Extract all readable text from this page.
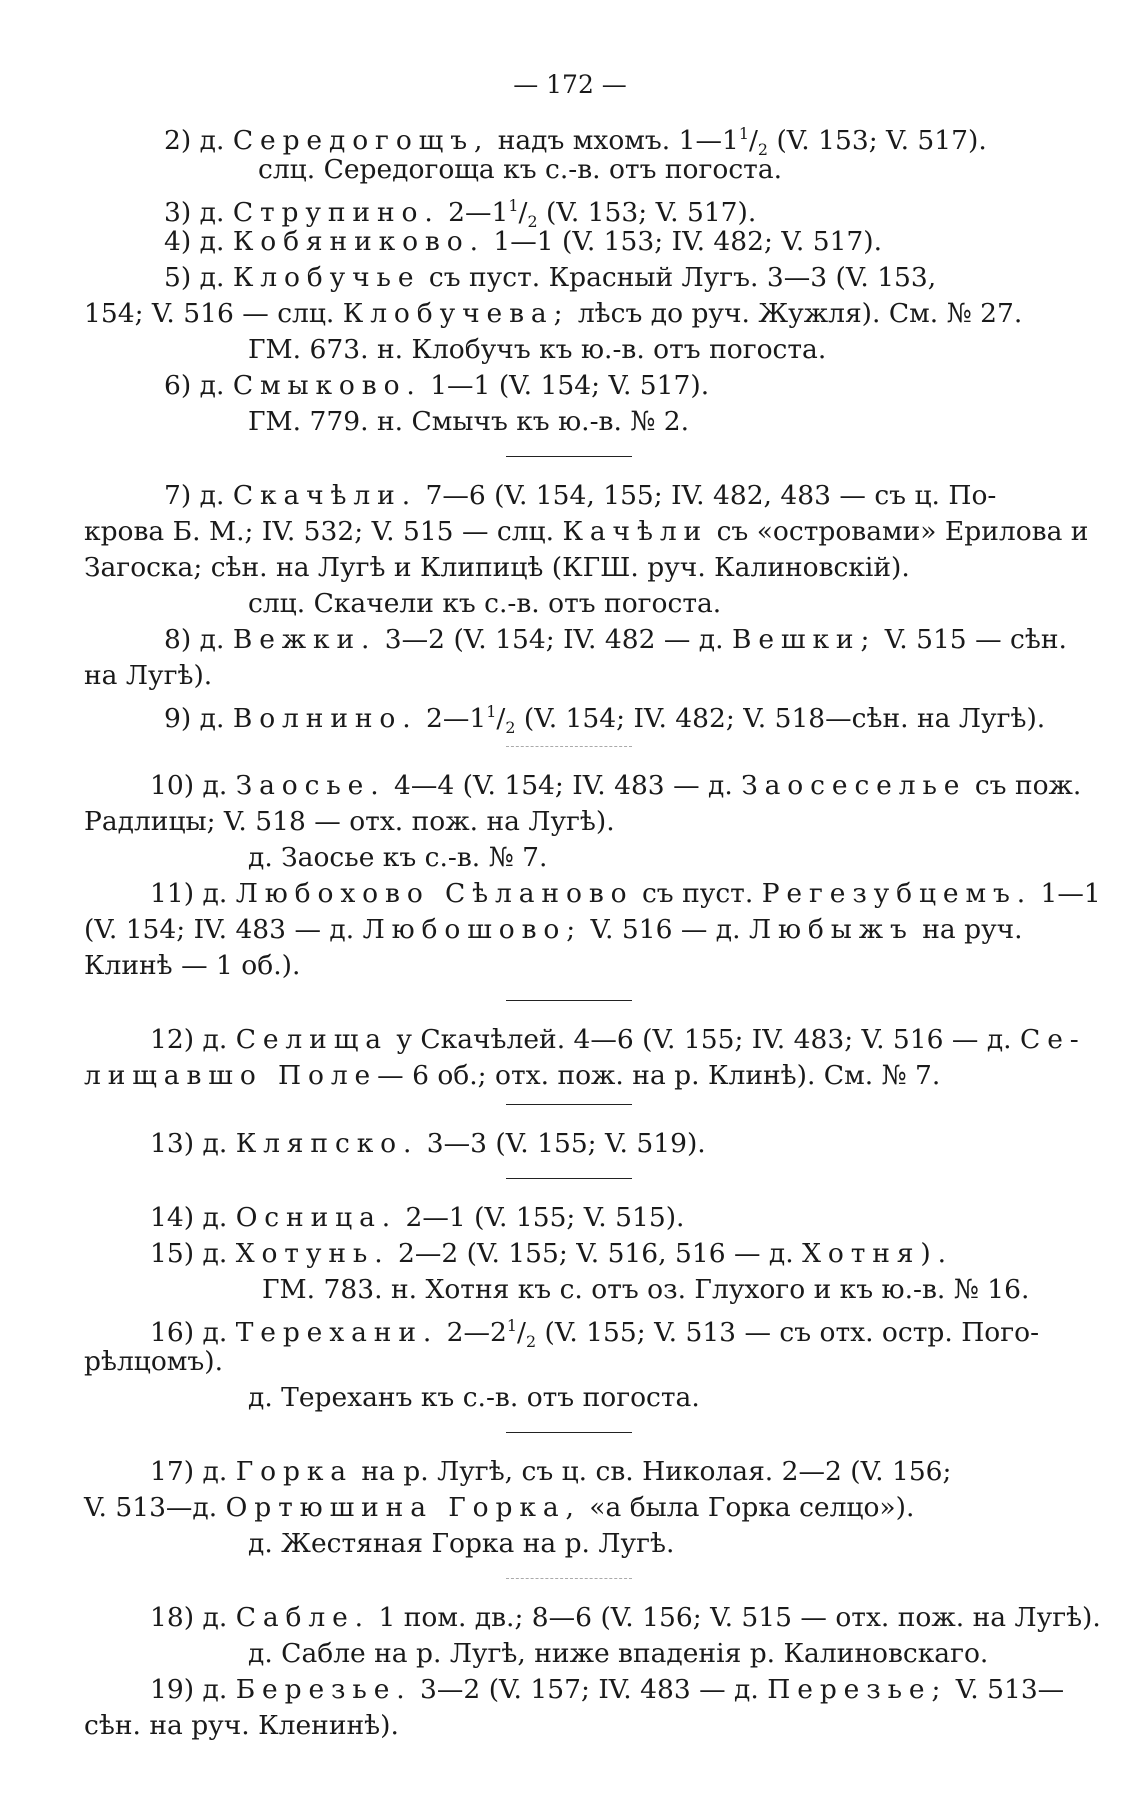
— 172 —
2) д. Середогощъ, надъ мхомъ. $1—1^1/_2$ (V. 153; V. 517).
слц. Середогоща къ с.-в. отъ погоста.
3) д. Струпино. $2—1^1/_2$ (V. 153; V. 517).
4) д. Кобяниково. 1—1 (V. 153; IV. 482; V. 517).
5) д. Клобучье съ пуст. Красный Лугъ. 3—3 (V. 153,
154; V. 516 — слц. Клобучева; лѣсъ до руч. Жужля). См. № 27.
ГМ. 673. н. Клобучъ къ ю.-в. отъ погоста.
6) д. Смыково. 1—1 (V. 154; V. 517).
ГМ. 779. н. Смычъ къ ю.-в. № 2.
7) д. Скачѣли. 7—6 (V. 154, 155; IV. 482, 483 — съ ц. По-
крова Б. М.; IV. 532; V. 515 — слц. Качѣли съ «островами» Ерилова и
Загоска; сѣн. на Лугѣ и Клипицѣ (КГШ. руч. Калиновскій).
слц. Скачели къ с.-в. отъ погоста.
8) д. Вежки. 3—2 (V. 154; IV. 482 — д. Вешки; V. 515 — сѣн.
на Лугѣ).
9) д. Волнино. $2—1^1/_2$ (V. 154; IV. 482; V. 518—сѣн. на Лугѣ).
10) д. Заосье. 4—4 (V. 154; IV. 483 — д. Заосеселье съ пож.
Радлицы; V. 518 — отх. пож. на Лугѣ).
д. Заосье къ с.-в. № 7.
11) д. Любохово Сѣланово съ пуст. Регезубцемъ. 1—1
(V. 154; IV. 483 — д. Любошово; V. 516 — д. Любыжъ на руч.
Клинѣ — 1 об.).
12) д. Селища у Скачѣлей. 4—6 (V. 155; IV. 483; V. 516 — д. Се-
лищавшо Поле— 6 об.; отх. пож. на р. Клинѣ). См. № 7.
13) д. Кляпско. 3—3 (V. 155; V. 519).
14) д. Осница. 2—1 (V. 155; V. 515).
15) д. Хотунь. 2—2 (V. 155; V. 516, 516 — д. Хотня).
ГМ. 783. н. Хотня къ с. отъ оз. Глухого и къ ю.-в. № 16.
16) д. Терехани. $2—2^1/_2$ (V. 155; V. 513 — съ отх. остр. Пого-
рѣлцомъ).
д. Тереханъ къ с.-в. отъ погоста.
17) д. Горка на р. Лугѣ, съ ц. св. Николая. 2—2 (V. 156;
V. 513—д. Ортюшина Горка, «а была Горка селцо»).
д. Жестяная Горка на р. Лугѣ.
18) д. Сабле. 1 пом. дв.; 8—6 (V. 156; V. 515 — отх. пож. на Лугѣ).
д. Сабле на р. Лугѣ, ниже впаденія р. Калиновскаго.
19) д. Березье. 3—2 (V. 157; IV. 483 — д. Перезье; V. 513—
сѣн. на руч. Кленинѣ).
